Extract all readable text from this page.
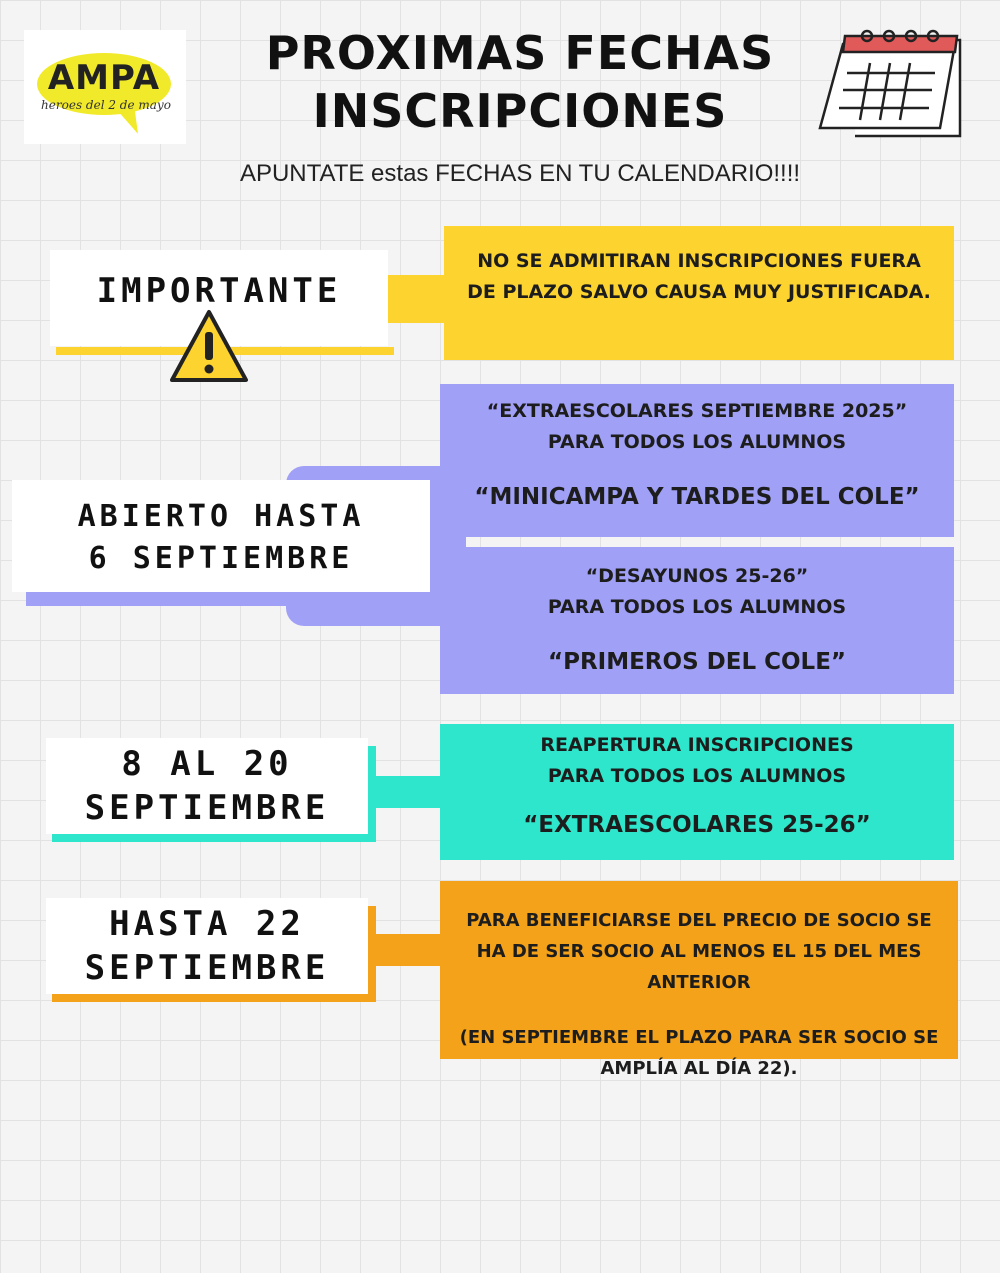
AMPA
heroes del 2 de mayo
PROXIMAS FECHAS
INSCRIPCIONES
APUNTATE estas FECHAS EN TU CALENDARIO!!!!
IMPORTANTE

NO SE ADMITIRAN INSCRIPCIONES FUERA DE PLAZO SALVO CAUSA MUY JUSTIFICADA.

ABIERTO HASTA
6 SEPTIEMBRE

“EXTRAESCOLARES SEPTIEMBRE 2025”

PARA TODOS LOS ALUMNOS

“MINICAMPA Y TARDES DEL COLE”

“DESAYUNOS 25-26”

PARA TODOS LOS ALUMNOS

“PRIMEROS DEL COLE”

8 AL 20
SEPTIEMBRE

REAPERTURA INSCRIPCIONES

PARA TODOS LOS ALUMNOS

“EXTRAESCOLARES 25-26”

HASTA 22
SEPTIEMBRE

PARA BENEFICIARSE DEL PRECIO DE SOCIO SE HA DE SER SOCIO AL MENOS EL 15 DEL MES ANTERIOR

(EN SEPTIEMBRE EL PLAZO PARA SER SOCIO SE AMPLÍA AL DÍA 22).
